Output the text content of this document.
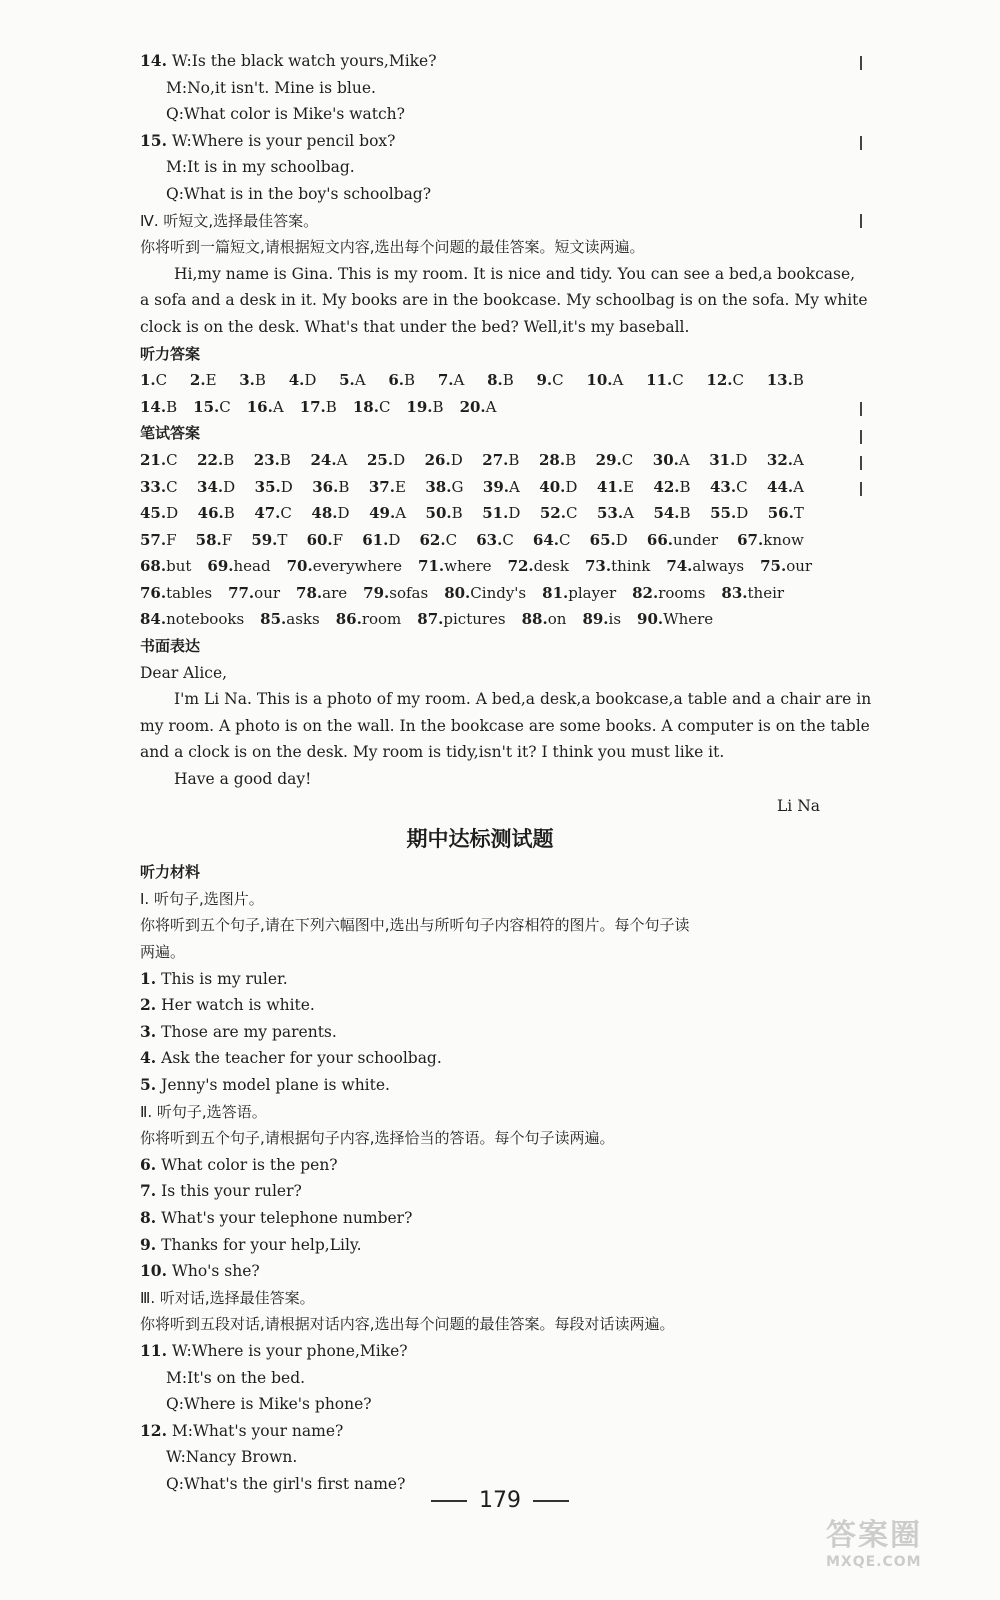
14. W:Is the black watch yours,Mike?
M:No,it isn't. Mine is blue.
Q:What color is Mike's watch?
15. W:Where is your pencil box?
M:It is in my schoolbag.
Q:What is in the boy's schoolbag?
Ⅳ. 听短文,选择最佳答案。
你将听到一篇短文,请根据短文内容,选出每个问题的最佳答案。短文读两遍。
Hi,my name is Gina. This is my room. It is nice and tidy. You can see a bed,a bookcase,
a sofa and a desk in it. My books are in the bookcase. My schoolbag is on the sofa. My white
clock is on the desk. What's that under the bed? Well,it's my baseball.
听力答案
1.C 2.E 3.B 4.D 5.A 6.B 7.A 8.B 9.C 10.A 11.C 12.C 13.B
14.B 15.C 16.A 17.B 18.C 19.B 20.A
笔试答案
21.C 22.B 23.B 24.A 25.D 26.D 27.B 28.B 29.C 30.A 31.D 32.A
33.C 34.D 35.D 36.B 37.E 38.G 39.A 40.D 41.E 42.B 43.C 44.A
45.D 46.B 47.C 48.D 49.A 50.B 51.D 52.C 53.A 54.B 55.D 56.T
57.F 58.F 59.T 60.F 61.D 62.C 63.C 64.C 65.D 66.under 67.know
68.but 69.head 70.everywhere 71.where 72.desk 73.think 74.always 75.our
76.tables 77.our 78.are 79.sofas 80.Cindy's 81.player 82.rooms 83.their
84.notebooks 85.asks 86.room 87.pictures 88.on 89.is 90.Where
书面表达
Dear Alice,
I'm Li Na. This is a photo of my room. A bed,a desk,a bookcase,a table and a chair are in
my room. A photo is on the wall. In the bookcase are some books. A computer is on the table
and a clock is on the desk. My room is tidy,isn't it? I think you must like it.
Have a good day!
Li Na
期中达标测试题
听力材料
Ⅰ. 听句子,选图片。
你将听到五个句子,请在下列六幅图中,选出与所听句子内容相符的图片。每个句子读
两遍。
1. This is my ruler.
2. Her watch is white.
3. Those are my parents.
4. Ask the teacher for your schoolbag.
5. Jenny's model plane is white.
Ⅱ. 听句子,选答语。
你将听到五个句子,请根据句子内容,选择恰当的答语。每个句子读两遍。
6. What color is the pen?
7. Is this your ruler?
8. What's your telephone number?
9. Thanks for your help,Lily.
10. Who's she?
Ⅲ. 听对话,选择最佳答案。
你将听到五段对话,请根据对话内容,选出每个问题的最佳答案。每段对话读两遍。
11. W:Where is your phone,Mike?
M:It's on the bed.
Q:Where is Mike's phone?
12. M:What's your name?
W:Nancy Brown.
Q:What's the girl's first name?
179
答案圈
MXQE.COM
